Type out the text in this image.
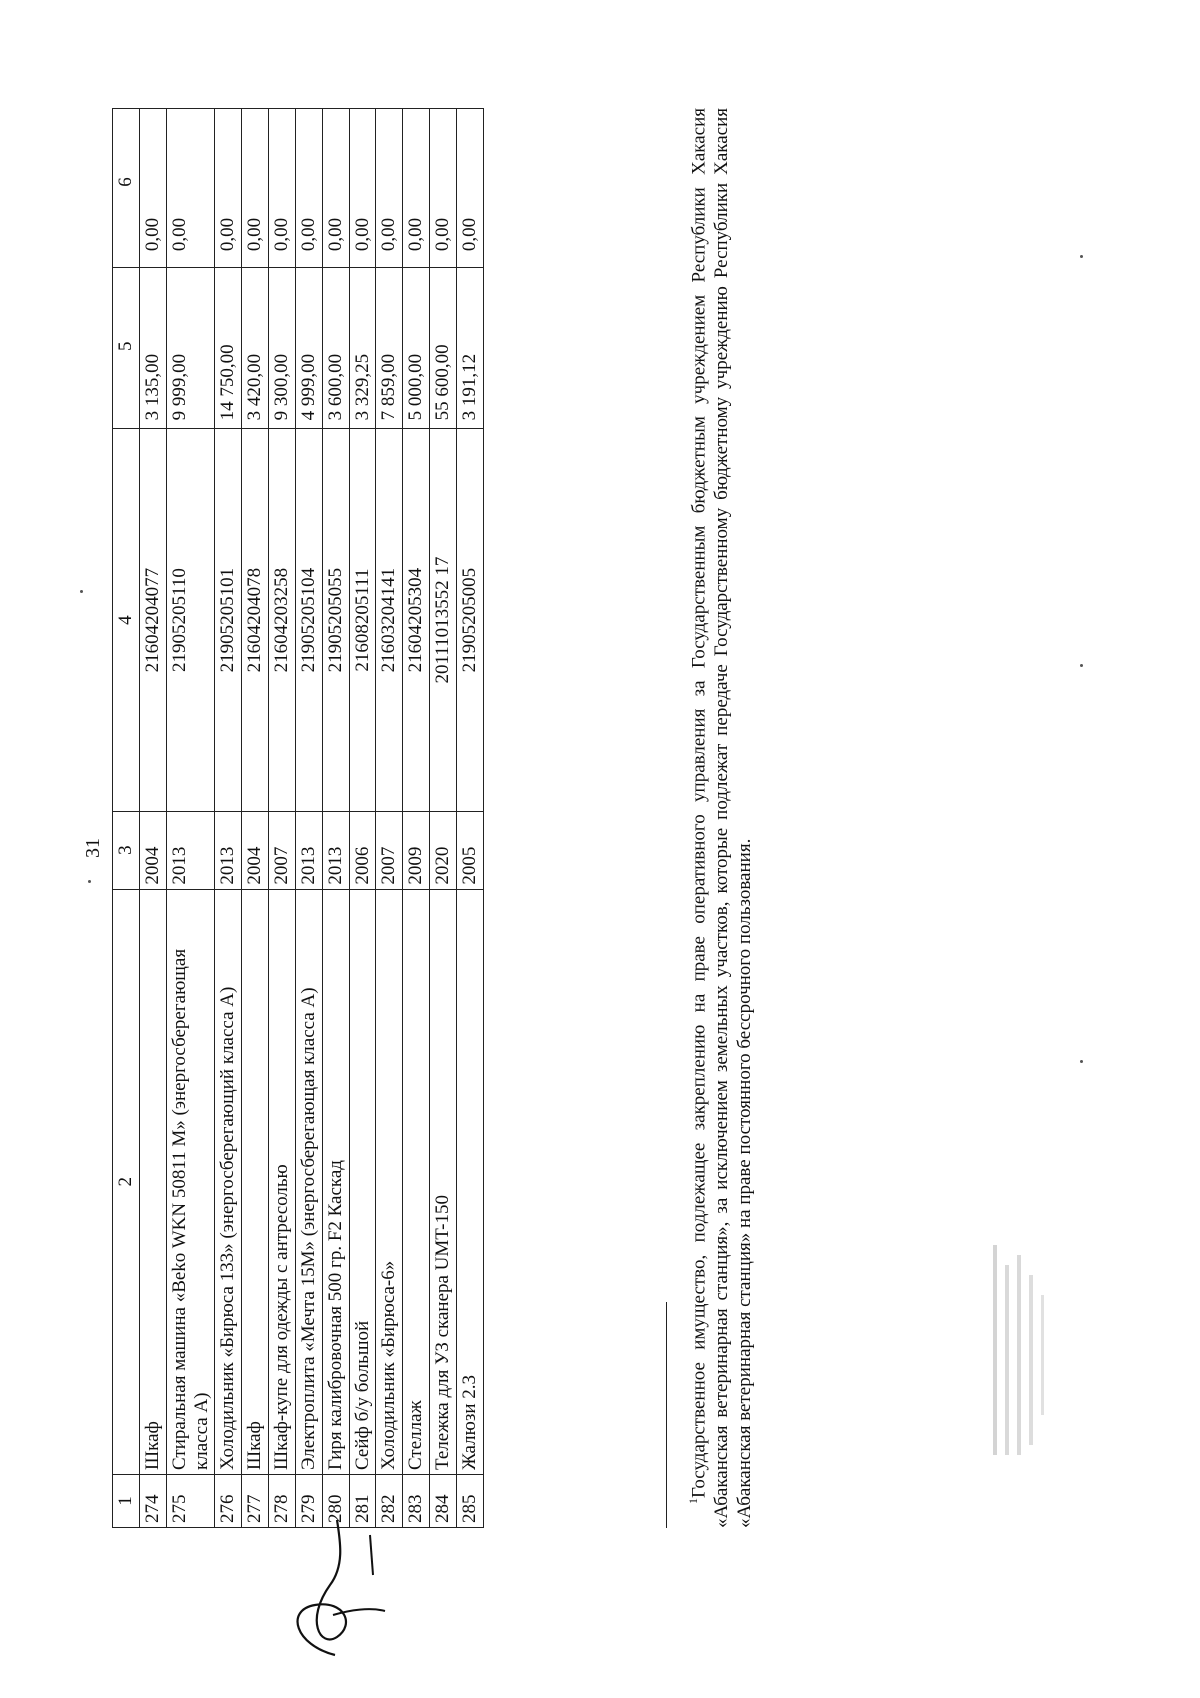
31
1	2	3	4	5	6
274	Шкаф	2004	21604204077	3 135,00	0,00
275	Стиральная машина «Beko WKN 50811 M» (энергосберегающая класса А)	2013	21905205110	9 999,00	0,00
276	Холодильник «Бирюса 133» (энергосберегающий класса А)	2013	21905205101	14 750,00	0,00
277	Шкаф	2004	21604204078	3 420,00	0,00
278	Шкаф-купе для одежды с антресолью	2007	21604203258	9 300,00	0,00
279	Электроплита «Мечта 15М» (энергосберегающая класса А)	2013	21905205104	4 999,00	0,00
280	Гиря калибровочная 500 гр. F2 Каскад	2013	21905205055	3 600,00	0,00
281	Сейф б/у большой	2006	21608205111	3 329,25	0,00
282	Холодильник «Бирюса-6»	2007	21603204141	7 859,00	0,00
283	Стеллаж	2009	21604205304	5 000,00	0,00
284	Тележка для УЗ сканера UMT-150	2020	20111013552 17	55 600,00	0,00
285	Жалюзи 2.3	2005	21905205005	3 191,12	0,00
$^1$Государственное имущество, подлежащее закреплению на праве оперативного управления за Государственным бюджетным учреждением Республики Хакасия «Абаканская ветеринарная станция», за исключением земельных участков, которые подлежат передаче Государственному бюджетному учреждению Республики Хакасия «Абаканская ветеринарная станция» на праве постоянного бессрочного пользования.
